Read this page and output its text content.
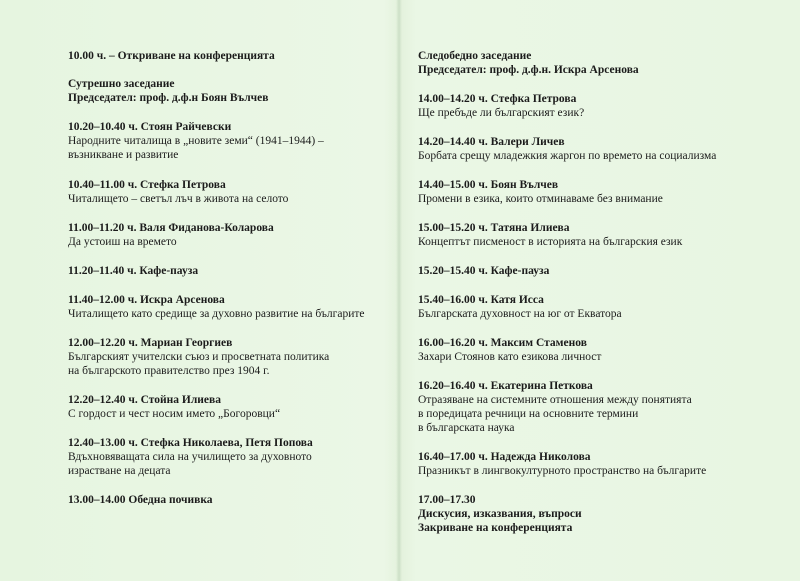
10.00 ч. – Откриване на конференцията
Сутрешно заседание
Председател: проф. д.ф.н Боян Вълчев
10.20–10.40 ч. Стоян Райчевски
Народните читалища в „новите земи“ (1941–1944) –
възникване и развитие
10.40–11.00 ч. Стефка Петрова
Читалището – светъл лъч в живота на селото
11.00–11.20 ч. Валя Фиданова-Коларова
Да устоиш на времето
11.20–11.40 ч. Кафе-пауза
11.40–12.00 ч. Искра Арсенова
Читалището като средище за духовно развитие на българите
12.00–12.20 ч. Мариан Георгиев
Българският учителски съюз и просветната политика
на българското правителство през 1904 г.
12.20–12.40 ч. Стойна Илиева
С гордост и чест носим името „Богоровци“
12.40–13.00 ч. Стефка Николаева, Петя Попова
Вдъхновяващата сила на училището за духовното
израстване на децата
13.00–14.00 Обедна почивка
Следобедно заседание
Председател: проф. д.ф.н. Искра Арсенова
14.00–14.20 ч. Стефка Петрова
Ще пребъде ли българският език?
14.20–14.40 ч. Валери Личев
Борбата срещу младежкия жаргон по времето на социализма
14.40–15.00 ч. Боян Вълчев
Промени в езика, които отминаваме без внимание
15.00–15.20 ч. Татяна Илиева
Концептът писменост в историята на българския език
15.20–15.40 ч. Кафе-пауза
15.40–16.00 ч. Катя Исса
Българската духовност на юг от Екватора
16.00–16.20 ч. Максим Стаменов
Захари Стоянов като езикова личност
16.20–16.40 ч. Екатерина Петкова
Отразяване на системните отношения между понятията
в поредицата речници на основните термини
в българската наука
16.40–17.00 ч. Надежда Николова
Празникът в лингвокултурното пространство на българите
17.00–17.30
Дискусия, изказвания, въпроси
Закриване на конференцията
